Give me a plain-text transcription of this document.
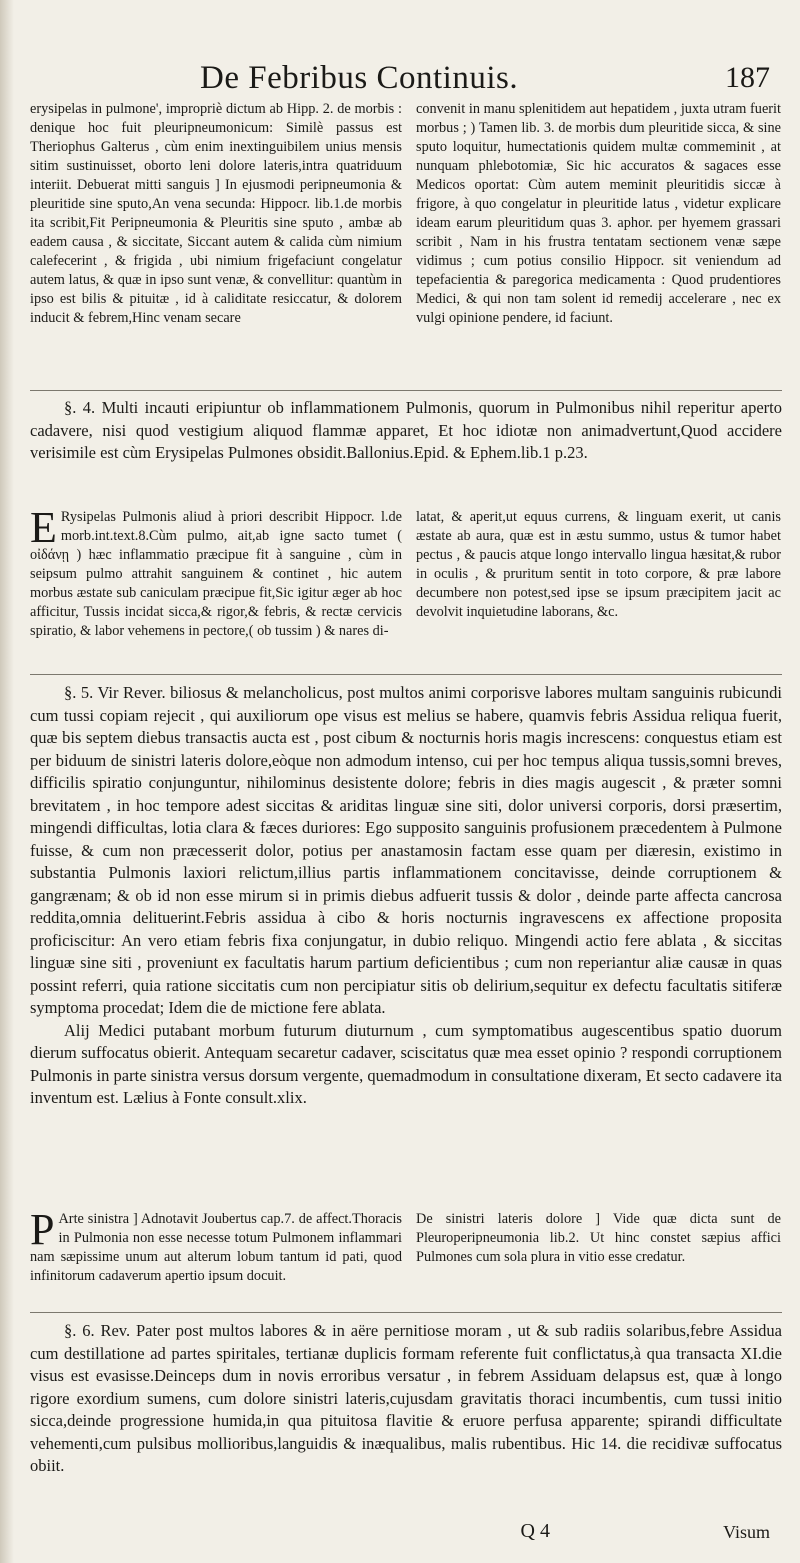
De Febribus Continuis.	187

erysipelas in pulmone', impropriè dictum ab Hipp. 2. de morbis : denique hoc fuit pleuripneumonicum: Similè passus est Theriophus Galterus , cùm enim inextinguibilem unius mensis sitim sustinuisset, oborto leni dolore lateris,intra quatriduum interiit. Debuerat mitti sanguis ] In ejusmodi peripneumonia & pleuritide sine sputo,An vena secunda: Hippocr. lib.1.de morbis ita scribit,Fit Peripneumonia & Pleuritis sine sputo , ambæ ab eadem causa , & siccitate, Siccant autem & calida cùm nimium calefecerint , & frigida , ubi nimium frigefaciunt congelatur autem latus, & quæ in ipso sunt venæ, & convellitur: quantùm in ipso est bilis & pituitæ , id à caliditate resiccatur, & dolorem inducit & febrem,Hinc venam secare

convenit in manu splenitidem aut hepatidem , juxta utram fuerit morbus ; ) Tamen lib. 3. de morbis dum pleuritide sicca, & sine sputo loquitur, humectationis quidem multæ commeminit , at nunquam phlebotomiæ, Sic hic accuratos & sagaces esse Medicos oportat: Cùm autem meminit pleuritidis siccæ à frigore, à quo congelatur in pleuritide latus , videtur explicare ideam earum pleuritidum quas 3. aphor. per hyemem grassari scribit , Nam in his frustra tentatam sectionem venæ sæpe vidimus ; cum potius consilio Hippocr. sit veniendum ad tepefacientia & paregorica medicamenta : Quod prudentiores Medici, & qui non tam solent id remedij accelerare , nec ex vulgi opinione pendere, id faciunt.

§. 4. Multi incauti eripiuntur ob inflammationem Pulmonis, quorum in Pulmonibus nihil reperitur aperto cadavere, nisi quod vestigium aliquod flammæ apparet, Et hoc idiotæ non animadvertunt,Quod accidere verisimile est cùm Erysipelas Pulmones obsidit.Ballonius.Epid. & Ephem.lib.1 p.23.

E Rysipelas Pulmonis aliud à priori describit Hippocr. l.de morb.int.text.8.Cùm pulmo, ait,ab igne sacto tumet ( οἰδάνῃ ) hæc inflammatio præcipue fit à sanguine , cùm in seipsum pulmo attrahit sanguinem & continet , hic autem morbus æstate sub caniculam præcipue fit,Sic igitur æger ab hoc afficitur, Tussis incidat sicca,& rigor,& febris, & rectæ cervicis spiratio, & labor vehemens in pectore,( ob tussim ) & nares di-

latat, & aperit,ut equus currens, & linguam exerit, ut canis æstate ab aura, quæ est in æstu summo, ustus & tumor habet pectus , & paucis atque longo intervallo lingua hæsitat,& rubor in oculis , & pruritum sentit in toto corpore, & præ labore decumbere non potest,sed ipse se ipsum præcipitem jacit ac devolvit inquietudine laborans, &c.

§. 5. Vir Rever. biliosus & melancholicus, post multos animi corporisve labores multam sanguinis rubicundi cum tussi copiam rejecit , qui auxiliorum ope visus est melius se habere, quamvis febris Assidua reliqua fuerit, quæ bis septem diebus transactis aucta est , post cibum & nocturnis horis magis increscens: conquestus etiam est per biduum de sinistri lateris dolore,eòque non admodum intenso, cui per hoc tempus aliqua tussis,somni breves, difficilis spiratio conjunguntur, nihilominus desistente dolore; febris in dies magis augescit , & præter somni brevitatem , in hoc tempore adest siccitas & ariditas linguæ sine siti, dolor universi corporis, dorsi præsertim, mingendi difficultas, lotia clara & fæces duriores: Ego supposito sanguinis profusionem præcedentem à Pulmone fuisse, & cum non præcesserit dolor, potius per anastamosin factam esse quam per diæresin, existimo in substantia Pulmonis laxiori relictum,illius partis inflammationem concitavisse, deinde corruptionem & gangrænam; & ob id non esse mirum si in primis diebus adfuerit tussis & dolor , deinde parte affecta cancrosa reddita,omnia delituerint.Febris assidua à cibo & horis nocturnis ingravescens ex affectione proposita proficiscitur: An vero etiam febris fixa conjungatur, in dubio reliquo. Mingendi actio fere ablata , & siccitas linguæ sine siti , proveniunt ex facultatis harum partium deficientibus ; cum non reperiantur aliæ causæ in quas possint referri, quia ratione siccitatis cum non percipiatur sitis ob delirium,sequitur ex defectu facultatis sitiferæ symptoma procedat; Idem die de mictione fere ablata.

Alij Medici putabant morbum futurum diuturnum , cum symptomatibus augescentibus spatio duorum dierum suffocatus obierit. Antequam secaretur cadaver, sciscitatus quæ mea esset opinio ? respondi corruptionem Pulmonis in parte sinistra versus dorsum vergente, quemadmodum in consultatione dixeram, Et secto cadavere ita inventum est. Lælius à Fonte consult.xlix.

P Arte sinistra ] Adnotavit Joubertus cap.7. de affect.Thoracis in Pulmonia non esse necesse totum Pulmonem inflammari nam sæpissime unum aut alterum lobum tantum id pati, quod infinitorum cadaverum apertio ipsum docuit.

De sinistri lateris dolore ] Vide quæ dicta sunt de Pleuroperipneumonia lib.2. Ut hinc constet sæpius affici Pulmones cum sola plura in vitio esse credatur.

§. 6. Rev. Pater post multos labores & in aëre pernitiose moram , ut & sub radiis solaribus,febre Assidua cum destillatione ad partes spiritales, tertianæ duplicis formam referente fuit conflictatus,à qua transacta XI.die visus est evasisse.Deinceps dum in novis erroribus versatur , in febrem Assiduam delapsus est, quæ à longo rigore exordium sumens, cum dolore sinistri lateris,cujusdam gravitatis thoraci incumbentis, cum tussi initio sicca,deinde progressione humida,in qua pituitosa flavitie & eruore perfusa apparente; spirandi difficultate vehementi,cum pulsibus mollioribus,languidis & inæqualibus, malis rubentibus. Hic 14. die recidivæ suffocatus obiit.

Q 4	Visum
